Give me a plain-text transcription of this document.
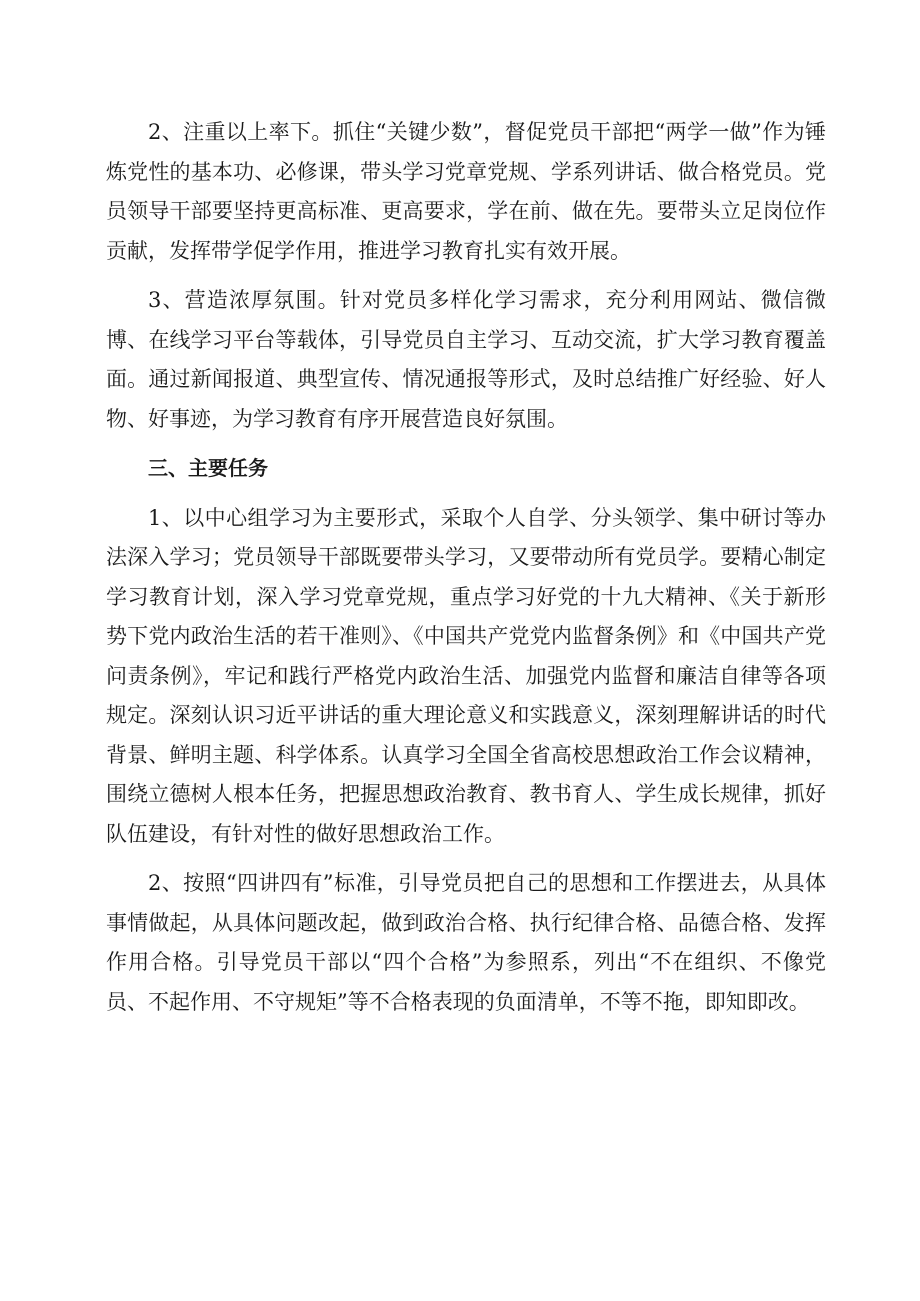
2、注重以上率下。抓住“关键少数”，督促党员干部把“两学一做”作为锤炼党性的基本功、必修课，带头学习党章党规、学系列讲话、做合格党员。党员领导干部要坚持更高标准、更高要求，学在前、做在先。要带头立足岗位作贡献，发挥带学促学作用，推进学习教育扎实有效开展。

3、营造浓厚氛围。针对党员多样化学习需求，充分利用网站、微信微博、在线学习平台等载体，引导党员自主学习、互动交流，扩大学习教育覆盖面。通过新闻报道、典型宣传、情况通报等形式，及时总结推广好经验、好人物、好事迹，为学习教育有序开展营造良好氛围。

三、主要任务

1、以中心组学习为主要形式，采取个人自学、分头领学、集中研讨等办法深入学习；党员领导干部既要带头学习，又要带动所有党员学。要精心制定学习教育计划，深入学习党章党规，重点学习好党的十九大精神、《关于新形势下党内政治生活的若干准则》、《中国共产党党内监督条例》和《中国共产党问责条例》，牢记和践行严格党内政治生活、加强党内监督和廉洁自律等各项规定。深刻认识习近平讲话的重大理论意义和实践意义，深刻理解讲话的时代背景、鲜明主题、科学体系。认真学习全国全省高校思想政治工作会议精神，围绕立德树人根本任务，把握思想政治教育、教书育人、学生成长规律，抓好队伍建设，有针对性的做好思想政治工作。

2、按照“四讲四有”标准，引导党员把自己的思想和工作摆进去，从具体事情做起，从具体问题改起，做到政治合格、执行纪律合格、品德合格、发挥作用合格。引导党员干部以“四个合格”为参照系，列出“不在组织、不像党员、不起作用、不守规矩”等不合格表现的负面清单，不等不拖，即知即改。
